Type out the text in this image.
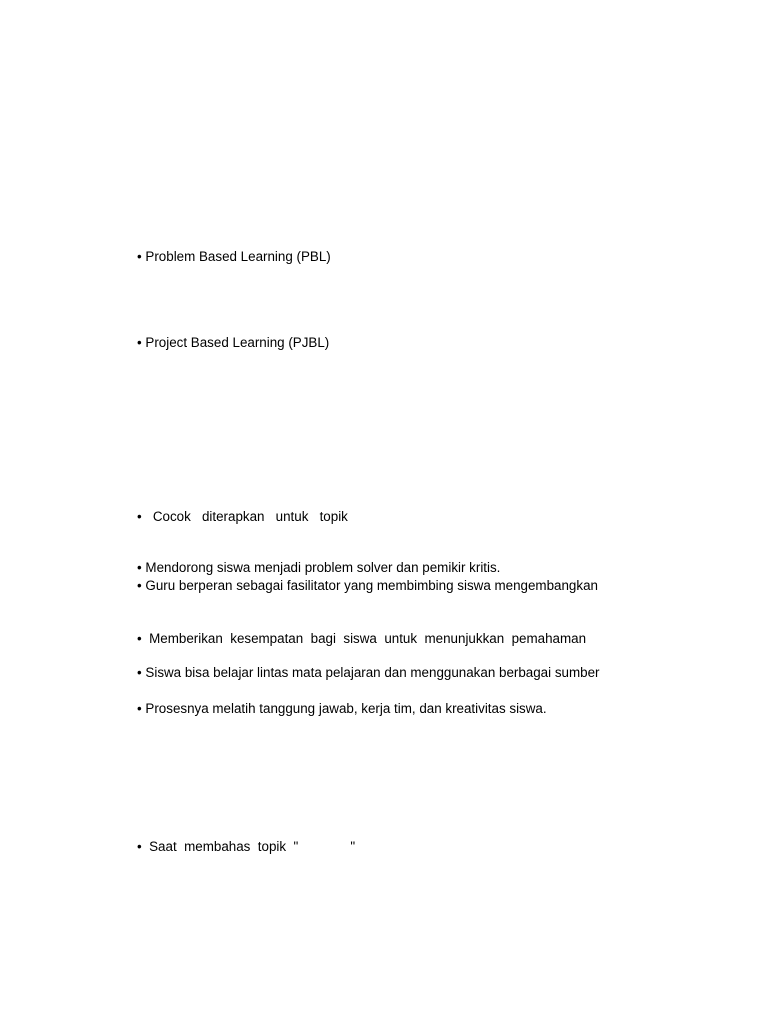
• Problem Based Learning (PBL)

• Project Based Learning (PJBL)

•   Cocok   diterapkan   untuk   topik

• Mendorong siswa menjadi problem solver dan pemikir kritis.

• Guru berperan sebagai fasilitator yang membimbing siswa mengembangkan

•  Memberikan  kesempatan  bagi  siswa  untuk  menunjukkan  pemahaman

• Siswa bisa belajar lintas mata pelajaran dan menggunakan berbagai sumber

• Prosesnya melatih tanggung jawab, kerja tim, dan kreativitas siswa.

•  Saat  membahas  topik  "              "
